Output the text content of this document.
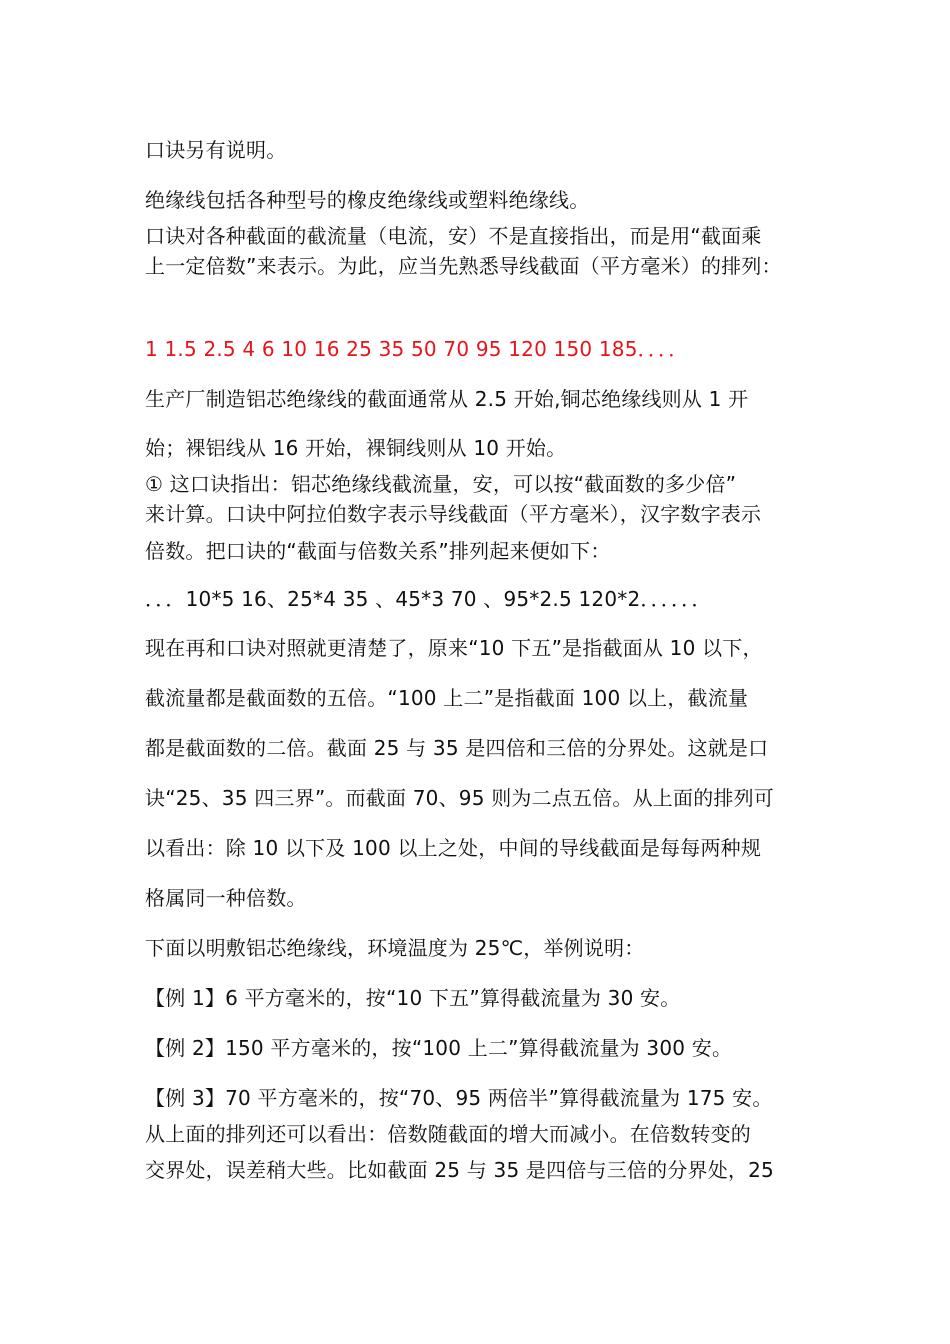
口诀另有说明。

绝缘线包括各种型号的橡皮绝缘线或塑料绝缘线。

口诀对各种截面的截流量（电流，安）不是直接指出，而是用“截面乘

上一定倍数”来表示。为此，应当先熟悉导线截面（平方毫米）的排列：

1 1.5 2.5 4 6 10 16 25 35 50 70 95 120 150 185．．．．

生产厂制造铝芯绝缘线的截面通常从 2.5 开始,铜芯绝缘线则从 1 开

始；裸铝线从 16 开始，裸铜线则从 10 开始。

① 这口诀指出：铝芯绝缘线截流量，安，可以按“截面数的多少倍”

来计算。口诀中阿拉伯数字表示导线截面（平方毫米），汉字数字表示

倍数。把口诀的“截面与倍数关系”排列起来便如下：

．．．10*5 16、25*4 35 、45*3 70 、95*2.5 120*2．．．．．．

现在再和口诀对照就更清楚了，原来“10 下五”是指截面从 10 以下，

截流量都是截面数的五倍。“100 上二”是指截面 100 以上，截流量

都是截面数的二倍。截面 25 与 35 是四倍和三倍的分界处。这就是口

诀“25、35 四三界”。而截面 70、95 则为二点五倍。从上面的排列可

以看出：除 10 以下及 100 以上之处，中间的导线截面是每每两种规

格属同一种倍数。

下面以明敷铝芯绝缘线，环境温度为 25℃，举例说明：

【例 1】6 平方毫米的，按“10 下五”算得截流量为 30 安。

【例 2】150 平方毫米的，按“100 上二”算得截流量为 300 安。

【例 3】70 平方毫米的，按“70、95 两倍半”算得截流量为 175 安。

从上面的排列还可以看出：倍数随截面的增大而减小。在倍数转变的

交界处，误差稍大些。比如截面 25 与 35 是四倍与三倍的分界处，25
